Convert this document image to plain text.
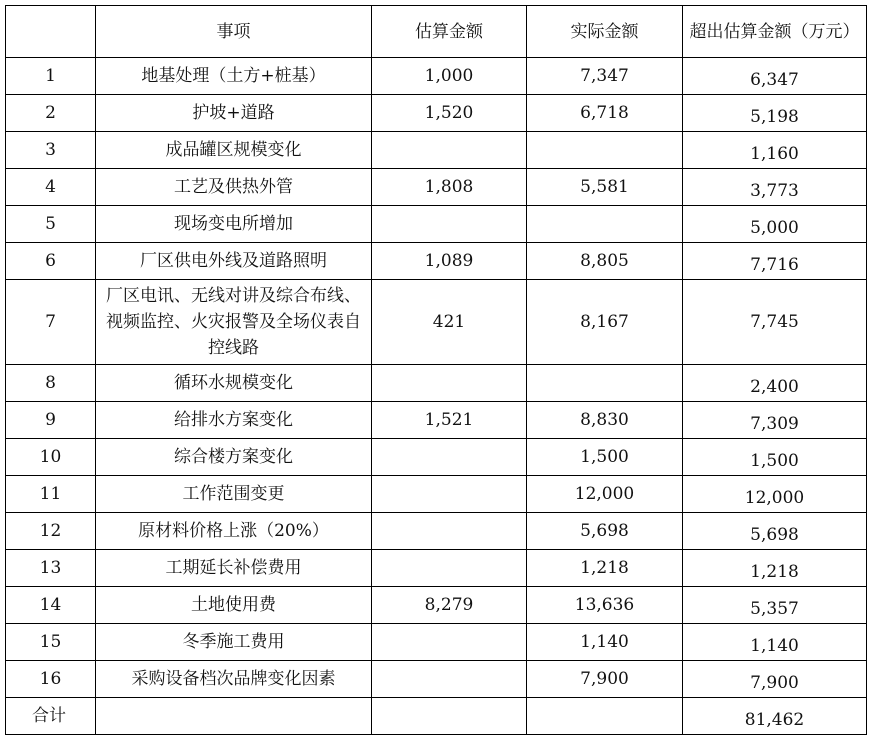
	事项	估算金额	实际金额	超出估算金额（万元）
1	地基处理（土方+桩基）	1,000	7,347	6,347
2	护坡+道路	1,520	6,718	5,198
3	成品罐区规模变化			1,160
4	工艺及供热外管	1,808	5,581	3,773
5	现场变电所增加			5,000
6	厂区供电外线及道路照明	1,089	8,805	7,716
7	厂区电讯、无线对讲及综合布线、视频监控、火灾报警及全场仪表自控线路	421	8,167	7,745
8	循环水规模变化			2,400
9	给排水方案变化	1,521	8,830	7,309
10	综合楼方案变化		1,500	1,500
11	工作范围变更		12,000	12,000
12	原材料价格上涨（20%）		5,698	5,698
13	工期延长补偿费用		1,218	1,218
14	土地使用费	8,279	13,636	5,357
15	冬季施工费用		1,140	1,140
16	采购设备档次品牌变化因素		7,900	7,900
合计				81,462
